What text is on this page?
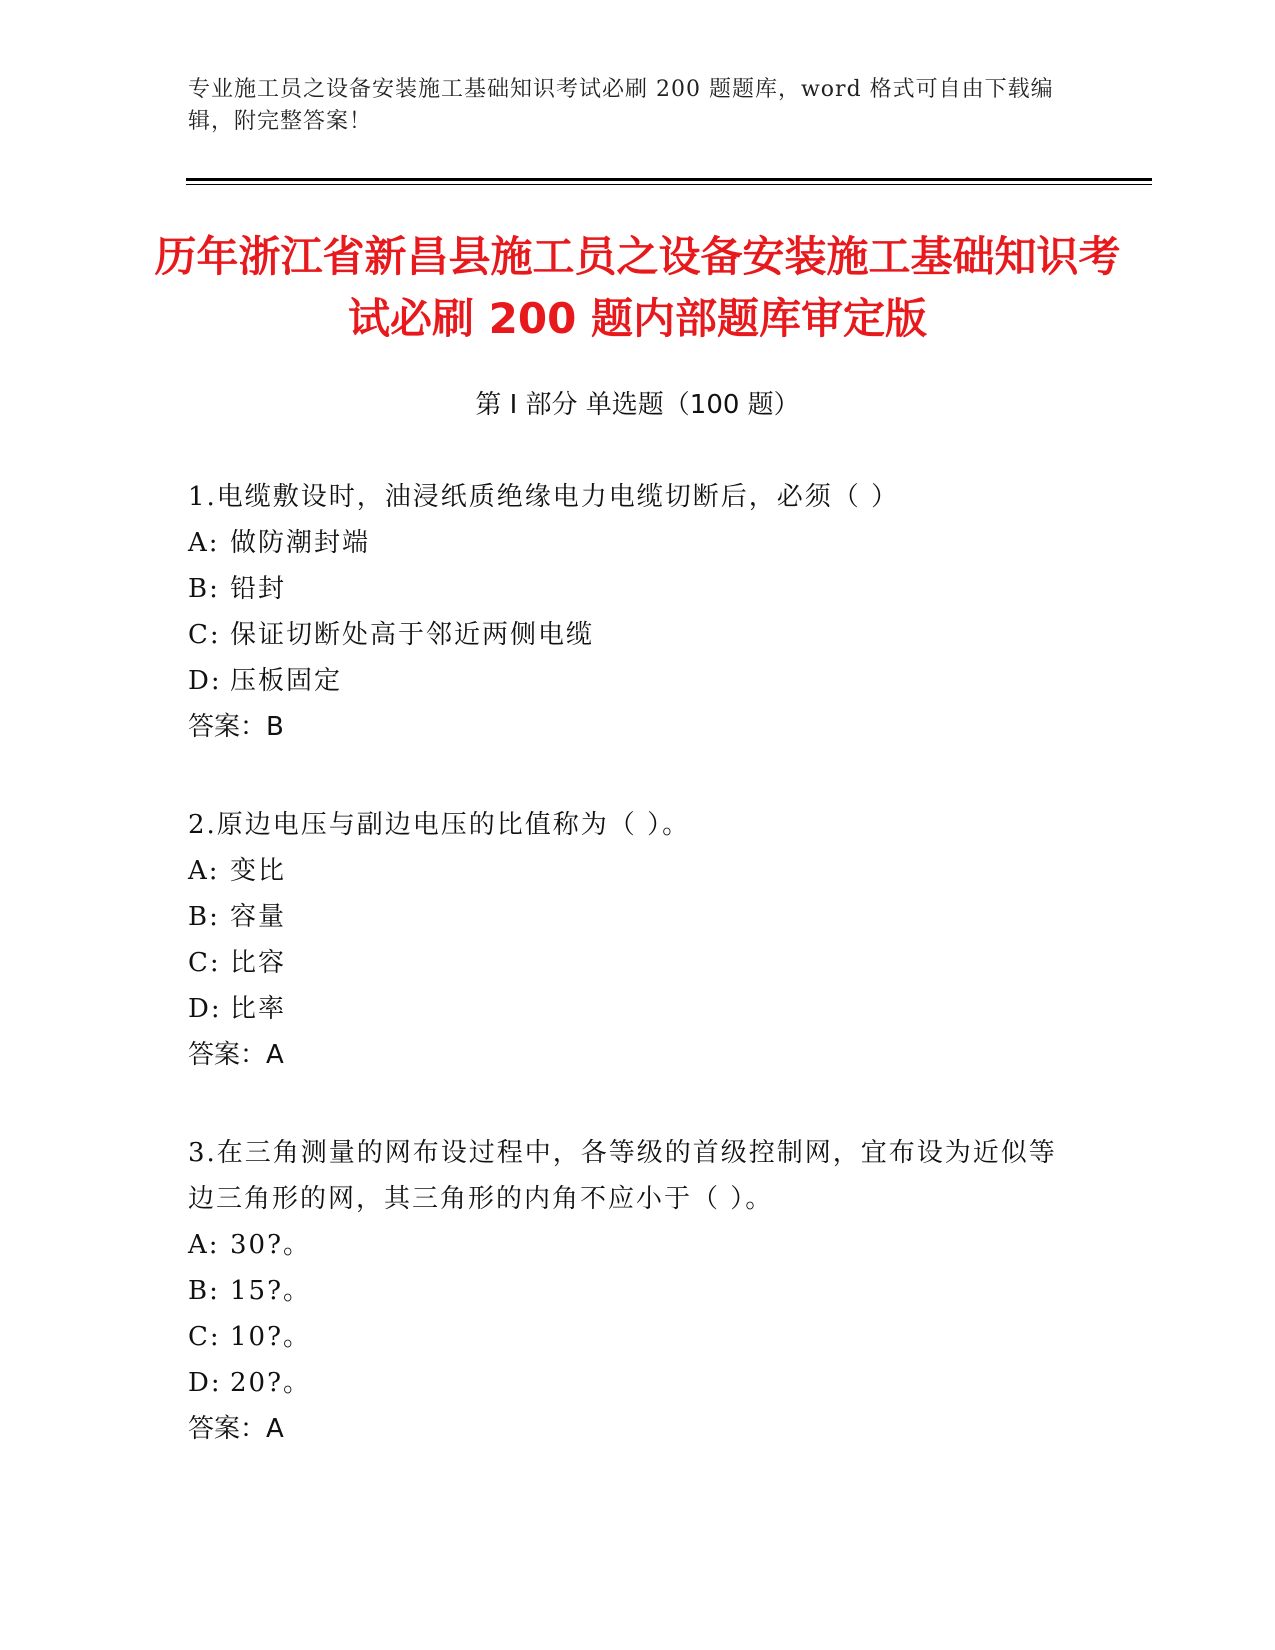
专业施工员之设备安装施工基础知识考试必刷 200 题题库，word 格式可自由下载编辑，附完整答案！
历年浙江省新昌县施工员之设备安装施工基础知识考试必刷 200 题内部题库审定版
第 I 部分 单选题（100 题）
1.电缆敷设时，油浸纸质绝缘电力电缆切断后，必须（ ）
A: 做防潮封端
B: 铅封
C: 保证切断处高于邻近两侧电缆
D: 压板固定
答案：B
2.原边电压与副边电压的比值称为（ ）。
A: 变比
B: 容量
C: 比容
D: 比率
答案：A
3.在三角测量的网布设过程中，各等级的首级控制网，宜布设为近似等边三角形的网，其三角形的内角不应小于（ ）。
A: 30?。
B: 15?。
C: 10?。
D: 20?。
答案：A
